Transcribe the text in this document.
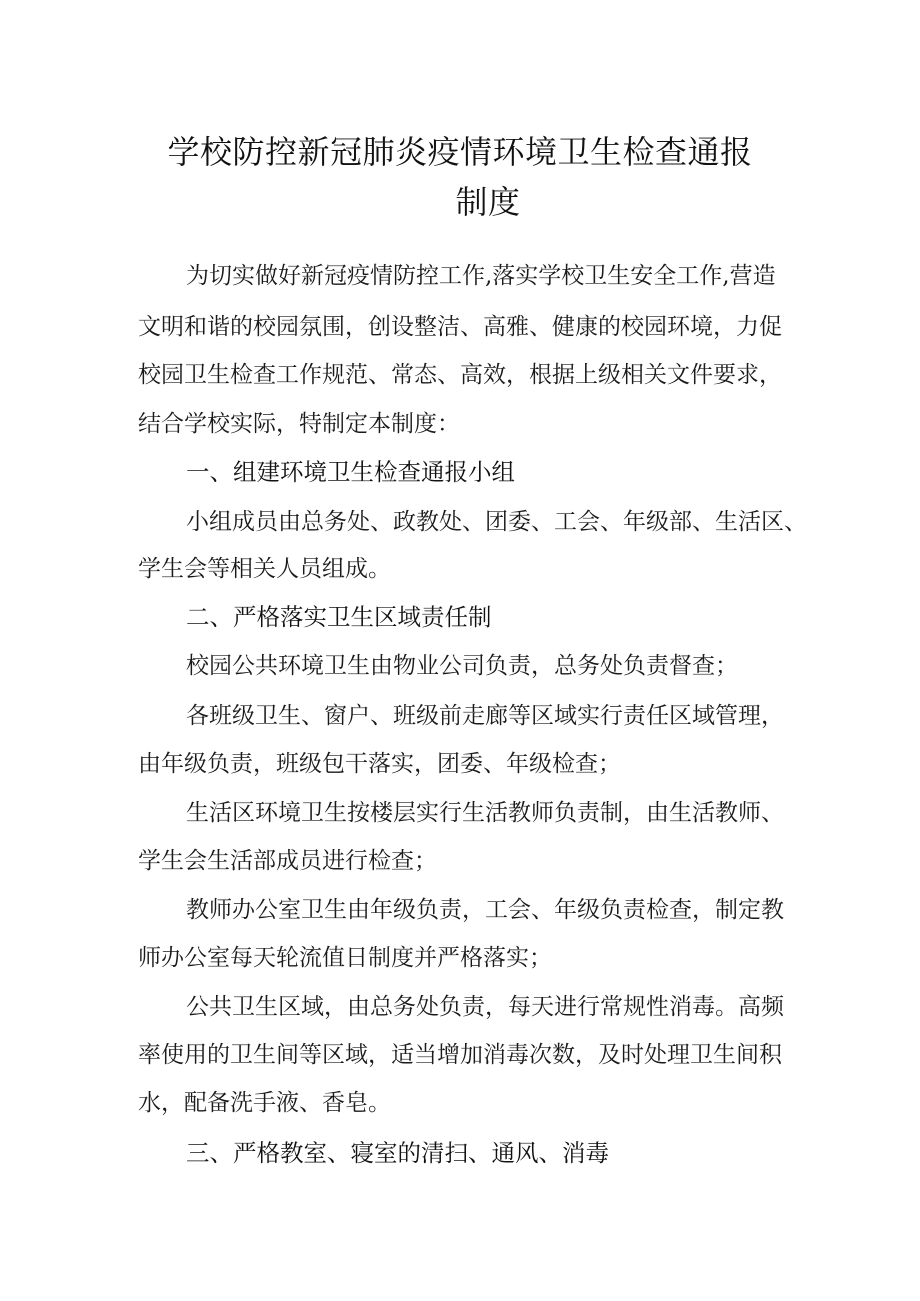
学校防控新冠肺炎疫情环境卫生检查通报
制度
为切实做好新冠疫情防控工作,落实学校卫生安全工作,营造
文明和谐的校园氛围，创设整洁、高雅、健康的校园环境，力促
校园卫生检查工作规范、常态、高效，根据上级相关文件要求，
结合学校实际，特制定本制度：
一、组建环境卫生检查通报小组
小组成员由总务处、政教处、团委、工会、年级部、生活区、
学生会等相关人员组成。
二、严格落实卫生区域责任制
校园公共环境卫生由物业公司负责，总务处负责督查；
各班级卫生、窗户、班级前走廊等区域实行责任区域管理，
由年级负责，班级包干落实，团委、年级检查；
生活区环境卫生按楼层实行生活教师负责制，由生活教师、
学生会生活部成员进行检查；
教师办公室卫生由年级负责，工会、年级负责检查，制定教
师办公室每天轮流值日制度并严格落实；
公共卫生区域，由总务处负责，每天进行常规性消毒。高频
率使用的卫生间等区域，适当增加消毒次数，及时处理卫生间积
水，配备洗手液、香皂。
三、严格教室、寝室的清扫、通风、消毒
